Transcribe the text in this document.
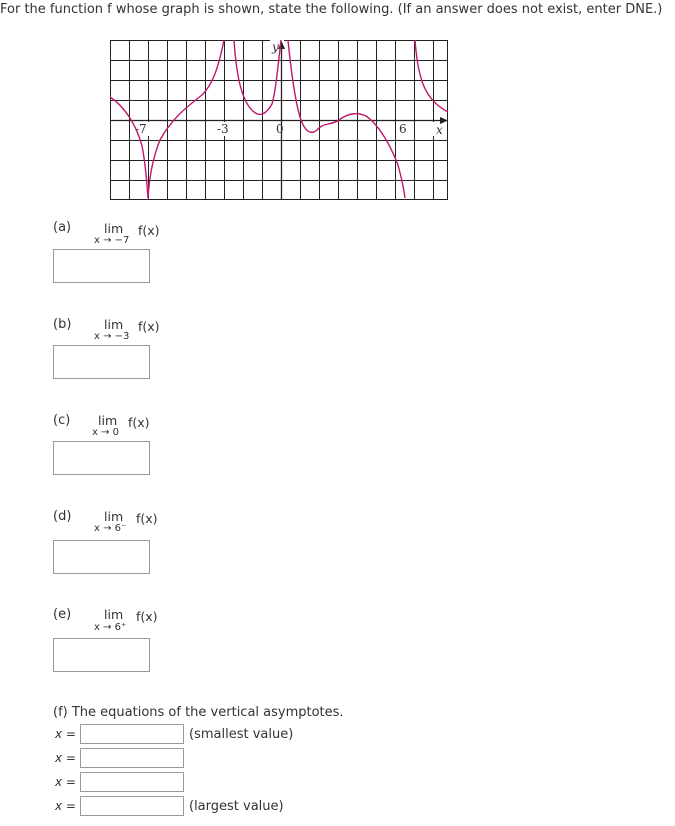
For the function f whose graph is shown, state the following. (If an answer does not exist, enter DNE.)
-7	-3	0	6 x
y
(a)	lim f(x)
x → −7
(b)	lim f(x)
x → −3
(c) lim f(x)
x → 0
(d)	lim f(x)
x → 6⁻
(e)	lim f(x)
x → 6⁺
(f) The equations of the vertical asymptotes.
x =	(smallest value)
x =
x =
x =	(largest value)
